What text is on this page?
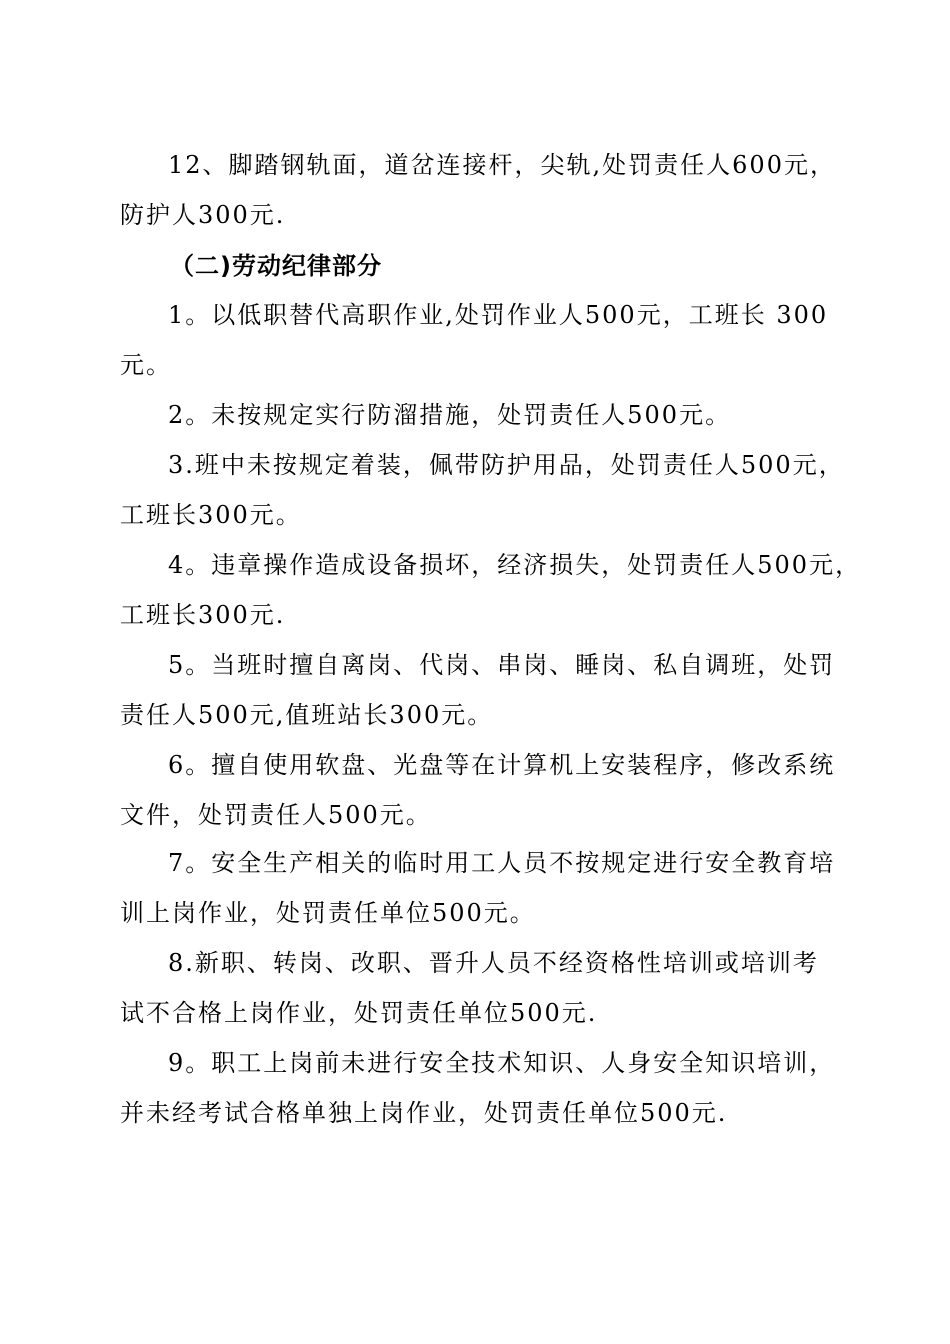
12、脚踏钢轨面，道岔连接杆，尖轨,处罚责任人600元，
防护人300元.
（二)劳动纪律部分
1。以低职替代高职作业,处罚作业人500元，工班长 300
元。
2。未按规定实行防溜措施，处罚责任人500元。
3.班中未按规定着装，佩带防护用品，处罚责任人500元，
工班长300元。
4。违章操作造成设备损坏，经济损失，处罚责任人500元，
工班长300元.
5。当班时擅自离岗、代岗、串岗、睡岗、私自调班，处罚
责任人500元,值班站长300元。
6。擅自使用软盘、光盘等在计算机上安装程序，修改系统
文件，处罚责任人500元。
7。安全生产相关的临时用工人员不按规定进行安全教育培
训上岗作业，处罚责任单位500元。
8.新职、转岗、改职、晋升人员不经资格性培训或培训考
试不合格上岗作业，处罚责任单位500元.
9。职工上岗前未进行安全技术知识、人身安全知识培训，
并未经考试合格单独上岗作业，处罚责任单位500元.
